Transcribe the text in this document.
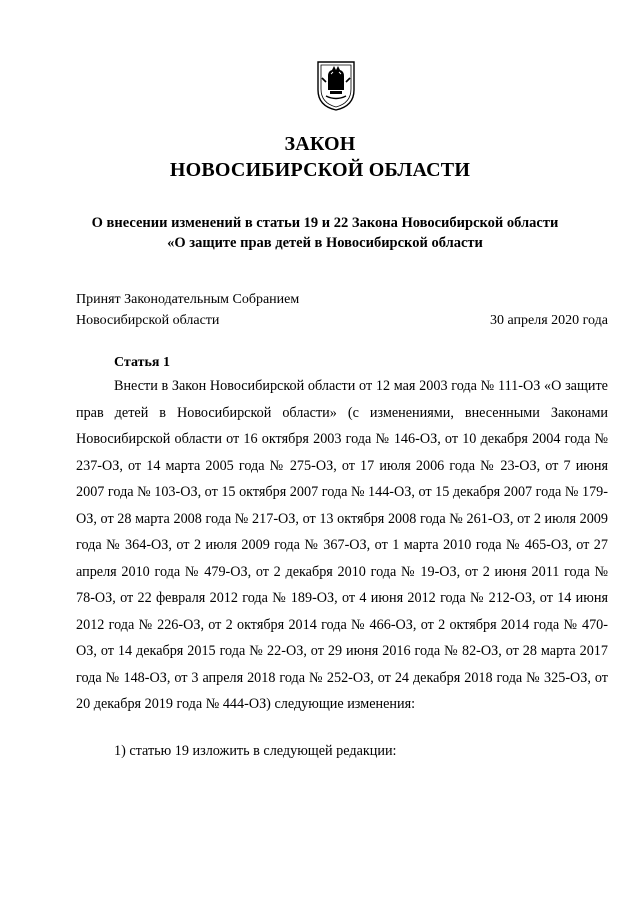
ЗАКОН
НОВОСИБИРСКОЙ ОБЛАСТИ
О внесении изменений в статьи 19 и 22 Закона Новосибирской области
«О защите прав детей в Новосибирской области
Принят Законодательным Собранием
Новосибирской области	30 апреля 2020 года
Статья 1
Внести в Закон Новосибирской области от 12 мая 2003 года № 111-ОЗ «О защите прав детей в Новосибирской области» (с изменениями, внесенными Законами Новосибирской области от 16 октября 2003 года № 146-ОЗ, от 10 декабря 2004 года № 237-ОЗ, от 14 марта 2005 года № 275-ОЗ, от 17 июля 2006 года № 23-ОЗ, от 7 июня 2007 года № 103-ОЗ, от 15 октября 2007 года № 144-ОЗ, от 15 декабря 2007 года № 179-ОЗ, от 28 марта 2008 года № 217-ОЗ, от 13 октября 2008 года № 261-ОЗ, от 2 июля 2009 года № 364-ОЗ, от 2 июля 2009 года № 367-ОЗ, от 1 марта 2010 года № 465-ОЗ, от 27 апреля 2010 года № 479-ОЗ, от 2 декабря 2010 года № 19-ОЗ, от 2 июня 2011 года № 78-ОЗ, от 22 февраля 2012 года № 189-ОЗ, от 4 июня 2012 года № 212-ОЗ, от 14 июня 2012 года № 226-ОЗ, от 2 октября 2014 года № 466-ОЗ, от 2 октября 2014 года № 470-ОЗ, от 14 декабря 2015 года № 22-ОЗ, от 29 июня 2016 года № 82-ОЗ, от 28 марта 2017 года № 148-ОЗ, от 3 апреля 2018 года № 252-ОЗ, от 24 декабря 2018 года № 325-ОЗ, от 20 декабря 2019 года № 444-ОЗ) следующие изменения:
1) статью 19 изложить в следующей редакции:
